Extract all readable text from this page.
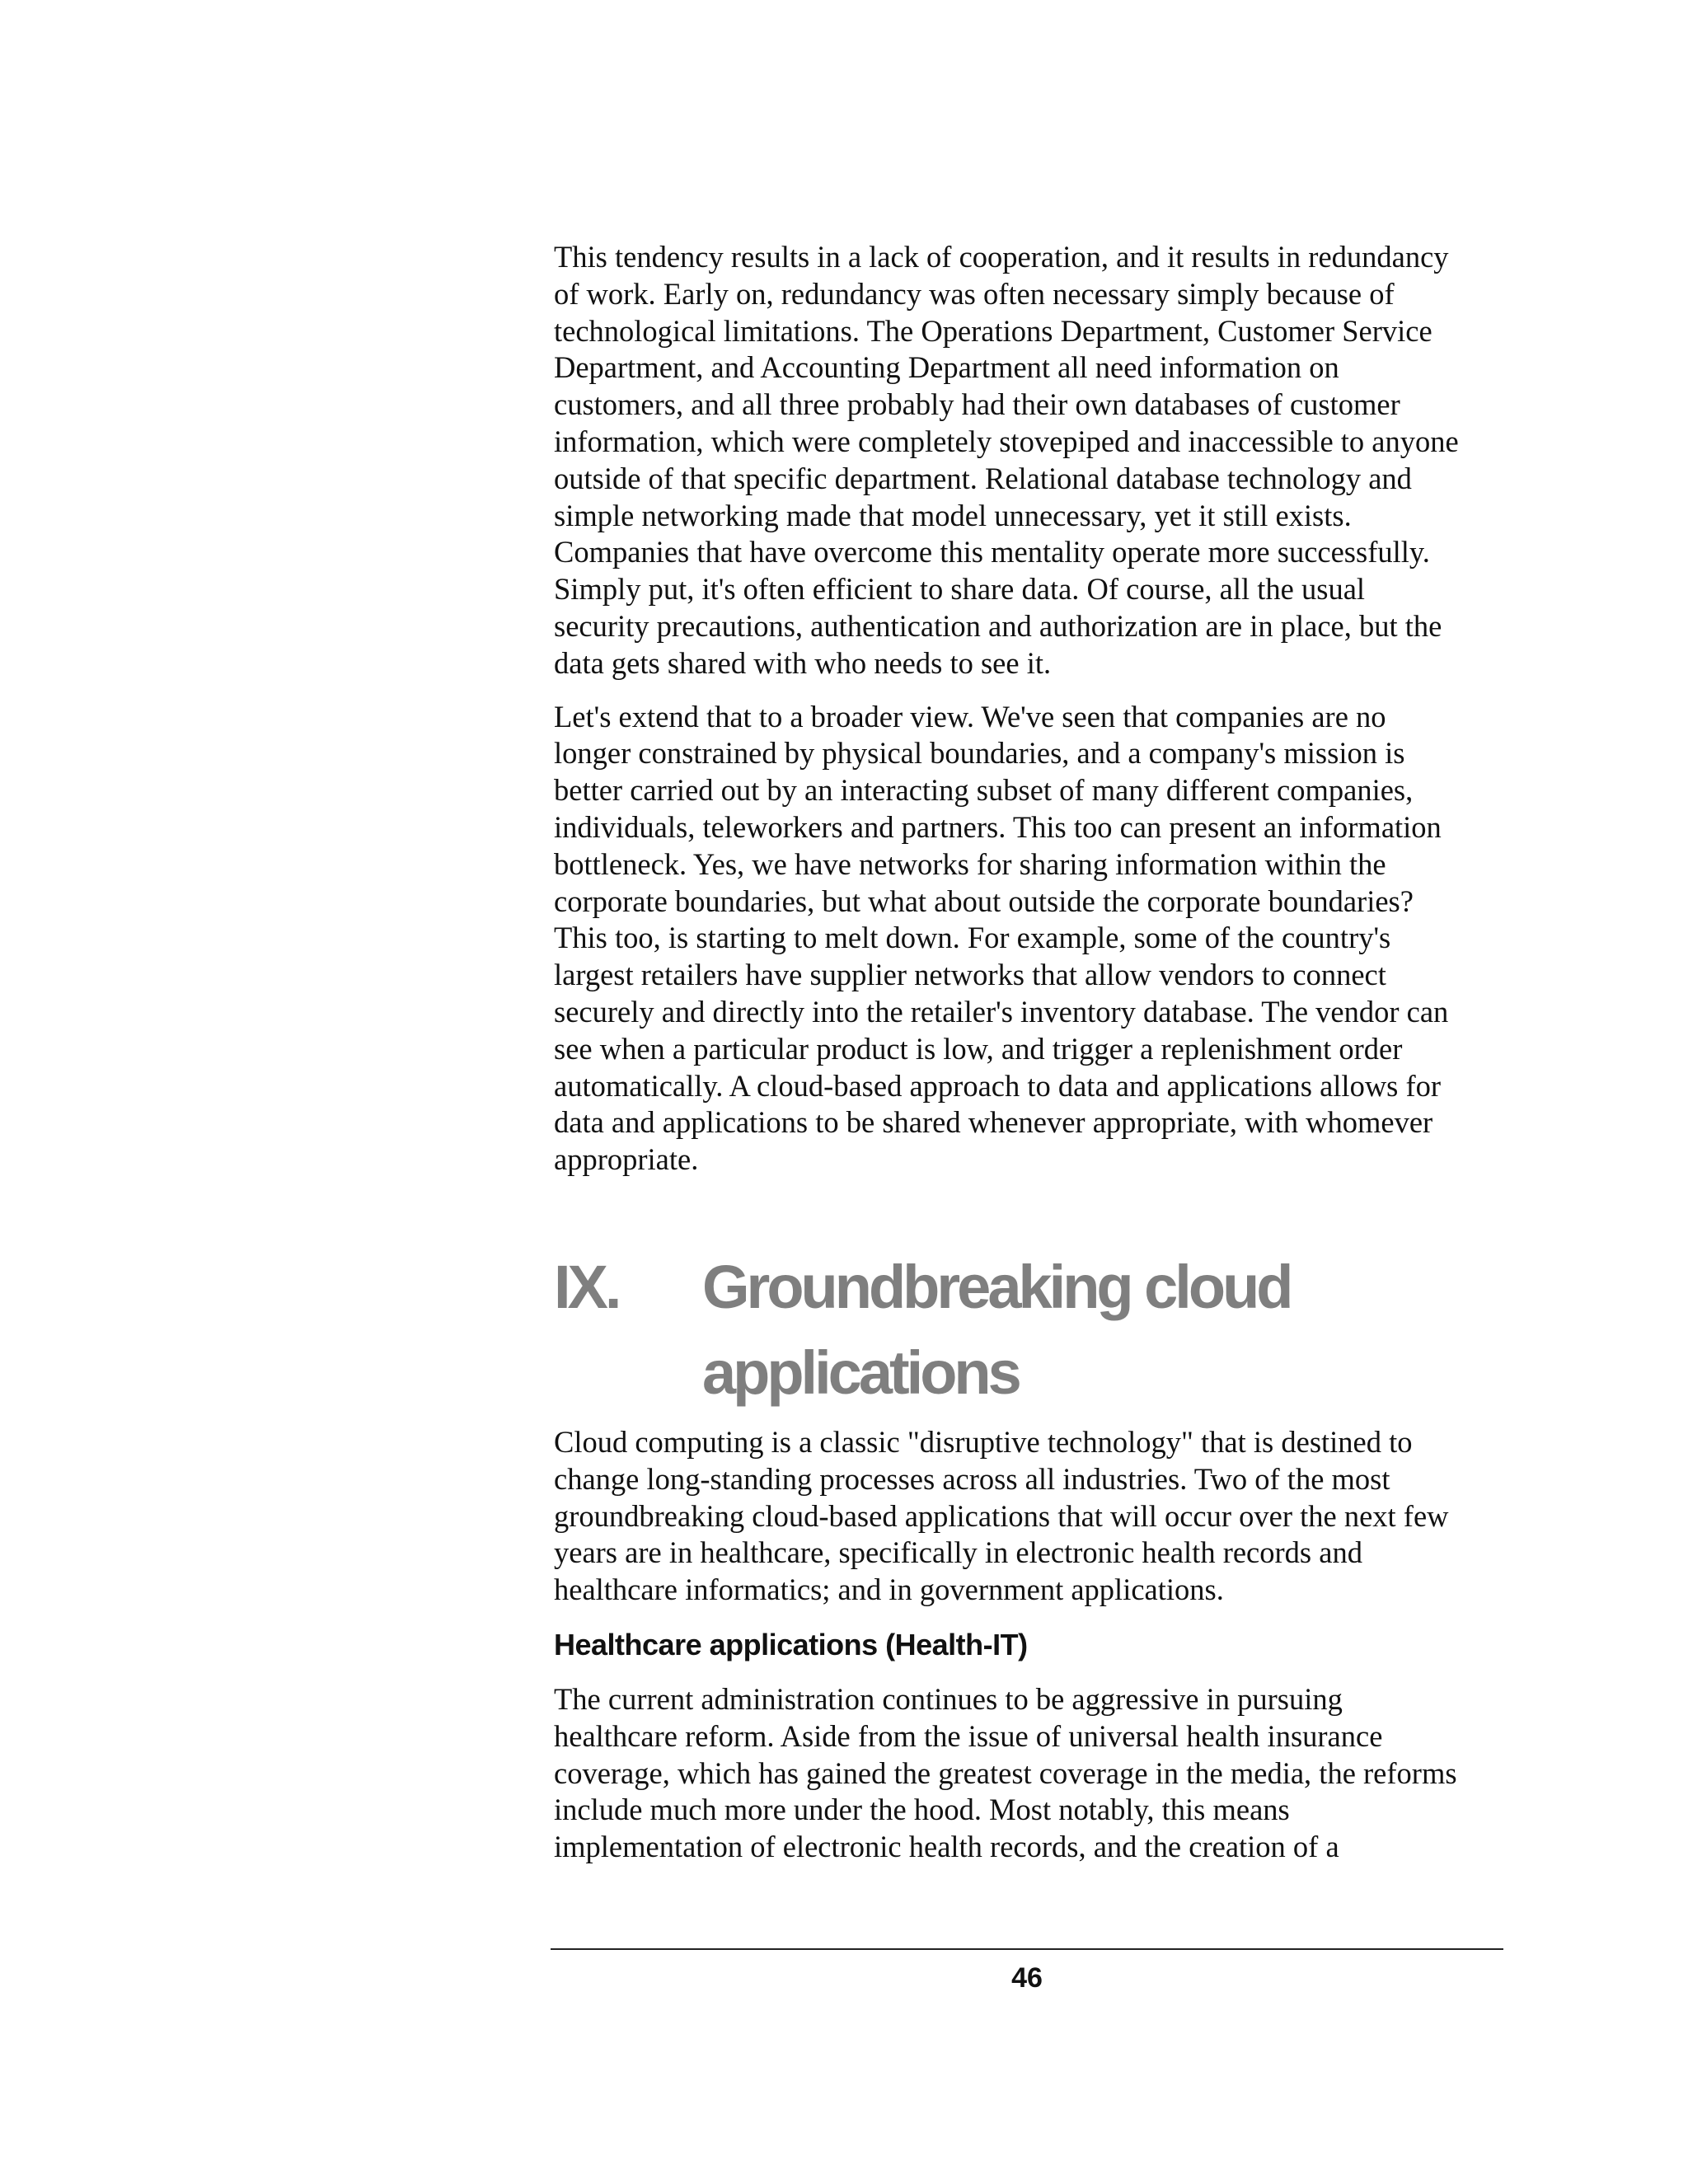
This tendency results in a lack of cooperation, and it results in redundancy
of work. Early on, redundancy was often necessary simply because of
technological limitations. The Operations Department, Customer Service
Department, and Accounting Department all need information on
customers, and all three probably had their own databases of customer
information, which were completely stovepiped and inaccessible to anyone
outside of that specific department. Relational database technology and
simple networking made that model unnecessary, yet it still exists.
Companies that have overcome this mentality operate more successfully.
Simply put, it's often efficient to share data. Of course, all the usual
security precautions, authentication and authorization are in place, but the
data gets shared with who needs to see it.

Let's extend that to a broader view. We've seen that companies are no
longer constrained by physical boundaries, and a company's mission is
better carried out by an interacting subset of many different companies,
individuals, teleworkers and partners. This too can present an information
bottleneck. Yes, we have networks for sharing information within the
corporate boundaries, but what about outside the corporate boundaries?
This too, is starting to melt down. For example, some of the country's
largest retailers have supplier networks that allow vendors to connect
securely and directly into the retailer's inventory database. The vendor can
see when a particular product is low, and trigger a replenishment order
automatically. A cloud-based approach to data and applications allows for
data and applications to be shared whenever appropriate, with whomever
appropriate.

IX. Groundbreaking cloud
applications

Cloud computing is a classic "disruptive technology" that is destined to
change long-standing processes across all industries. Two of the most
groundbreaking cloud-based applications that will occur over the next few
years are in healthcare, specifically in electronic health records and
healthcare informatics; and in government applications.

Healthcare applications (Health-IT)

The current administration continues to be aggressive in pursuing
healthcare reform. Aside from the issue of universal health insurance
coverage, which has gained the greatest coverage in the media, the reforms
include much more under the hood. Most notably, this means
implementation of electronic health records, and the creation of a

46
